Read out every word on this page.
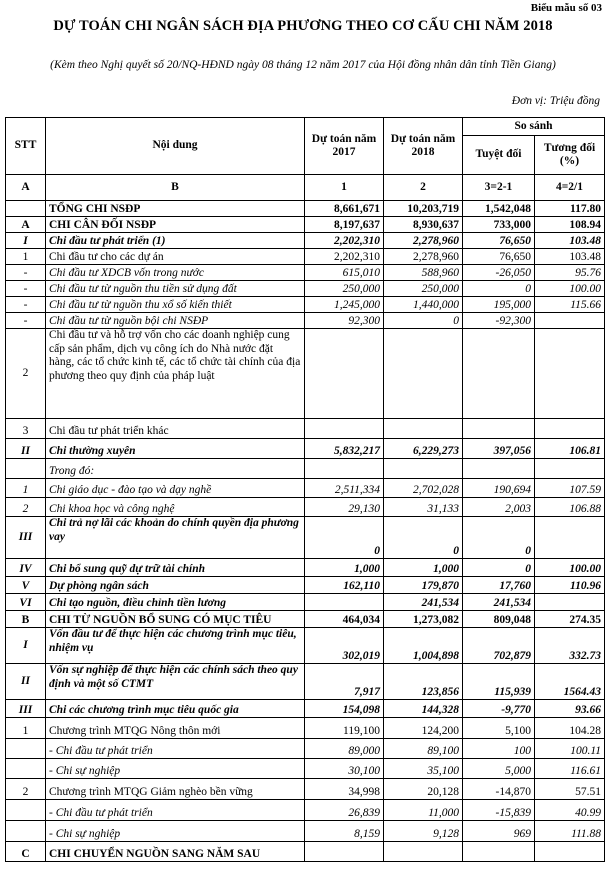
Biểu mẫu số 03
DỰ TOÁN CHI NGÂN SÁCH ĐỊA PHƯƠNG THEO CƠ CẤU CHI NĂM 2018
(Kèm theo Nghị quyết số 20/NQ-HĐND ngày 08 tháng 12 năm 2017 của Hội đồng nhân dân tỉnh Tiền Giang)
Đơn vị: Triệu đồng
STT	Nội dung	Dự toán năm 2017	Dự toán năm 2018	So sánh	
				Tuyệt đối	Tương đối (%)
A	B	1	2	3=2-1	4=2/1
	TỔNG CHI NSĐP	8,661,671	10,203,719	1,542,048	117.80
A	CHI CÂN ĐỐI NSĐP	8,197,637	8,930,637	733,000	108.94
I	Chi đầu tư phát triển (1)	2,202,310	2,278,960	76,650	103.48
1	Chi đầu tư cho các dự án	2,202,310	2,278,960	76,650	103.48
-	Chi đầu tư XDCB vốn trong nước	615,010	588,960	-26,050	95.76
-	Chi đầu tư từ nguồn thu tiền sử dụng đất	250,000	250,000	0	100.00
-	Chi đầu tư từ nguồn thu xổ số kiến thiết	1,245,000	1,440,000	195,000	115.66
-	Chi đầu tư từ nguồn bội chi NSĐP	92,300	0	-92,300	
2	Chi đầu tư và hỗ trợ vốn cho các doanh nghiệp cung cấp sản phẩm, dịch vụ công ích do Nhà nước đặt hàng, các tổ chức kinh tế, các tổ chức tài chính của địa phương theo quy định của pháp luật				
3	Chi đầu tư phát triển khác				
II	Chi thường xuyên	5,832,217	6,229,273	397,056	106.81
	Trong đó:				
1	Chi giáo dục - đào tạo và dạy nghề	2,511,334	2,702,028	190,694	107.59
2	Chi khoa học và công nghệ	29,130	31,133	2,003	106.88
III	Chi trả nợ lãi các khoản do chính quyền địa phương vay	0	0	0	
IV	Chi bổ sung quỹ dự trữ tài chính	1,000	1,000	0	100.00
V	Dự phòng ngân sách	162,110	179,870	17,760	110.96
VI	Chi tạo nguồn, điều chỉnh tiền lương		241,534	241,534	
B	CHI TỪ NGUỒN BỔ SUNG CÓ MỤC TIÊU	464,034	1,273,082	809,048	274.35
I	Vốn đầu tư để thực hiện các chương trình mục tiêu, nhiệm vụ	302,019	1,004,898	702,879	332.73
II	Vốn sự nghiệp để thực hiện các chính sách theo quy định và một số CTMT	7,917	123,856	115,939	1564.43
III	Chi các chương trình mục tiêu quốc gia	154,098	144,328	-9,770	93.66
1	Chương trình MTQG Nông thôn mới	119,100	124,200	5,100	104.28
	- Chi đầu tư phát triển	89,000	89,100	100	100.11
	- Chi sự nghiệp	30,100	35,100	5,000	116.61
2	Chương trình MTQG Giảm nghèo bền vững	34,998	20,128	-14,870	57.51
	- Chi đầu tư phát triển	26,839	11,000	-15,839	40.99
	- Chi sự nghiệp	8,159	9,128	969	111.88
C	CHI CHUYỂN NGUỒN SANG NĂM SAU				
